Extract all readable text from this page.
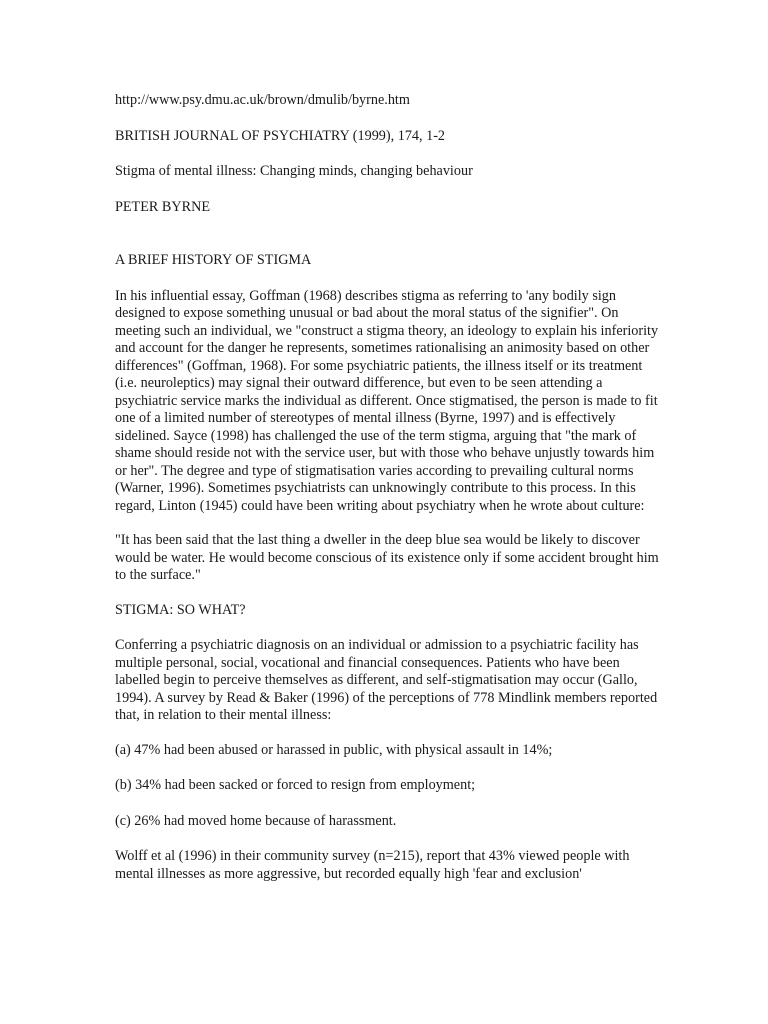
http://www.psy.dmu.ac.uk/brown/dmulib/byrne.htm

BRITISH JOURNAL OF PSYCHIATRY (1999), 174, 1-2

Stigma of mental illness: Changing minds, changing behaviour

PETER BYRNE

A BRIEF HISTORY OF STIGMA

In his influential essay, Goffman (1968) describes stigma as referring to 'any bodily sign designed to expose something unusual or bad about the moral status of the signifier". On meeting such an individual, we "construct a stigma theory, an ideology to explain his inferiority and account for the danger he represents, sometimes rationalising an animosity based on other differences" (Goffman, 1968). For some psychiatric patients, the illness itself or its treatment (i.e. neuroleptics) may signal their outward difference, but even to be seen attending a psychiatric service marks the individual as different. Once stigmatised, the person is made to fit one of a limited number of stereotypes of mental illness (Byrne, 1997) and is effectively sidelined. Sayce (1998) has challenged the use of the term stigma, arguing that "the mark of shame should reside not with the service user, but with those who behave unjustly towards him or her". The degree and type of stigmatisation varies according to prevailing cultural norms (Warner, 1996). Sometimes psychiatrists can unknowingly contribute to this process. In this regard, Linton (1945) could have been writing about psychiatry when he wrote about culture:

"It has been said that the last thing a dweller in the deep blue sea would be likely to discover would be water. He would become conscious of its existence only if some accident brought him to the surface."

STIGMA: SO WHAT?

Conferring a psychiatric diagnosis on an individual or admission to a psychiatric facility has multiple personal, social, vocational and financial consequences. Patients who have been labelled begin to perceive themselves as different, and self-stigmatisation may occur (Gallo, 1994). A survey by Read & Baker (1996) of the perceptions of 778 Mindlink members reported that, in relation to their mental illness:

(a) 47% had been abused or harassed in public, with physical assault in 14%;

(b) 34% had been sacked or forced to resign from employment;

(c) 26% had moved home because of harassment.

Wolff et al (1996) in their community survey (n=215), report that 43% viewed people with mental illnesses as more aggressive, but recorded equally high 'fear and exclusion'
